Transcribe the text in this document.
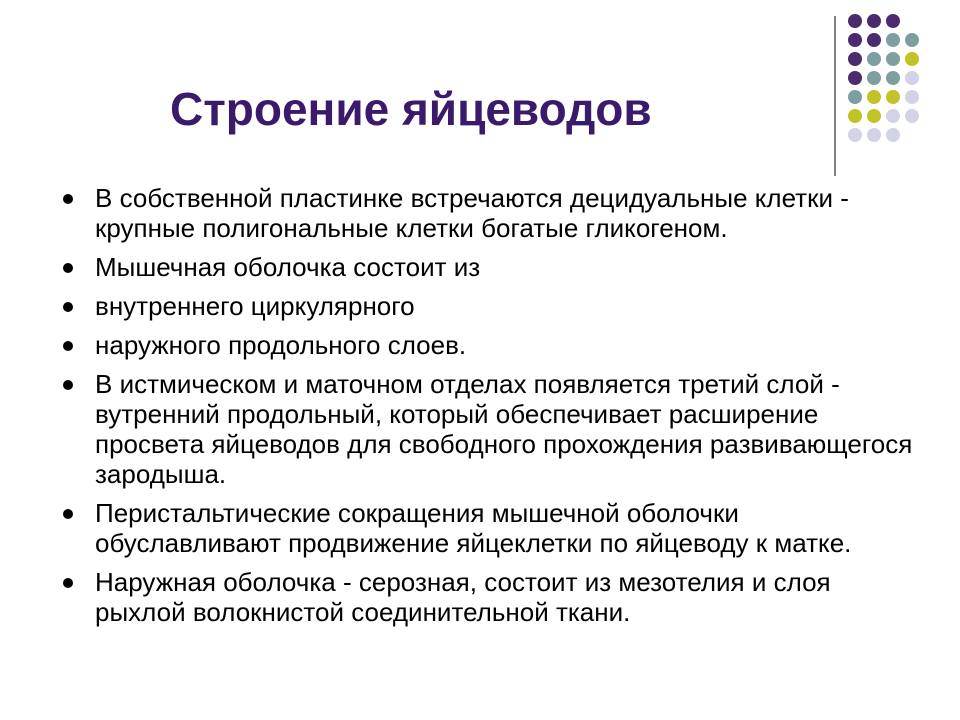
Строение яйцеводов
В собственной пластинке встречаются децидуальные клетки - крупные полигональные клетки богатые гликогеном.
Мышечная оболочка состоит из
внутреннего циркулярного
наружного продольного слоев.
В истмическом и маточном отделах появляется третий слой - вутренний продольный, который обеспечивает расширение просвета яйцеводов для свободного прохождения развивающегося зародыша.
Перистальтические сокращения мышечной оболочки обуславливают продвижение яйцеклетки по яйцеводу к матке.
Наружная оболочка - серозная, состоит из мезотелия и слоя рыхлой волокнистой соединительной ткани.
